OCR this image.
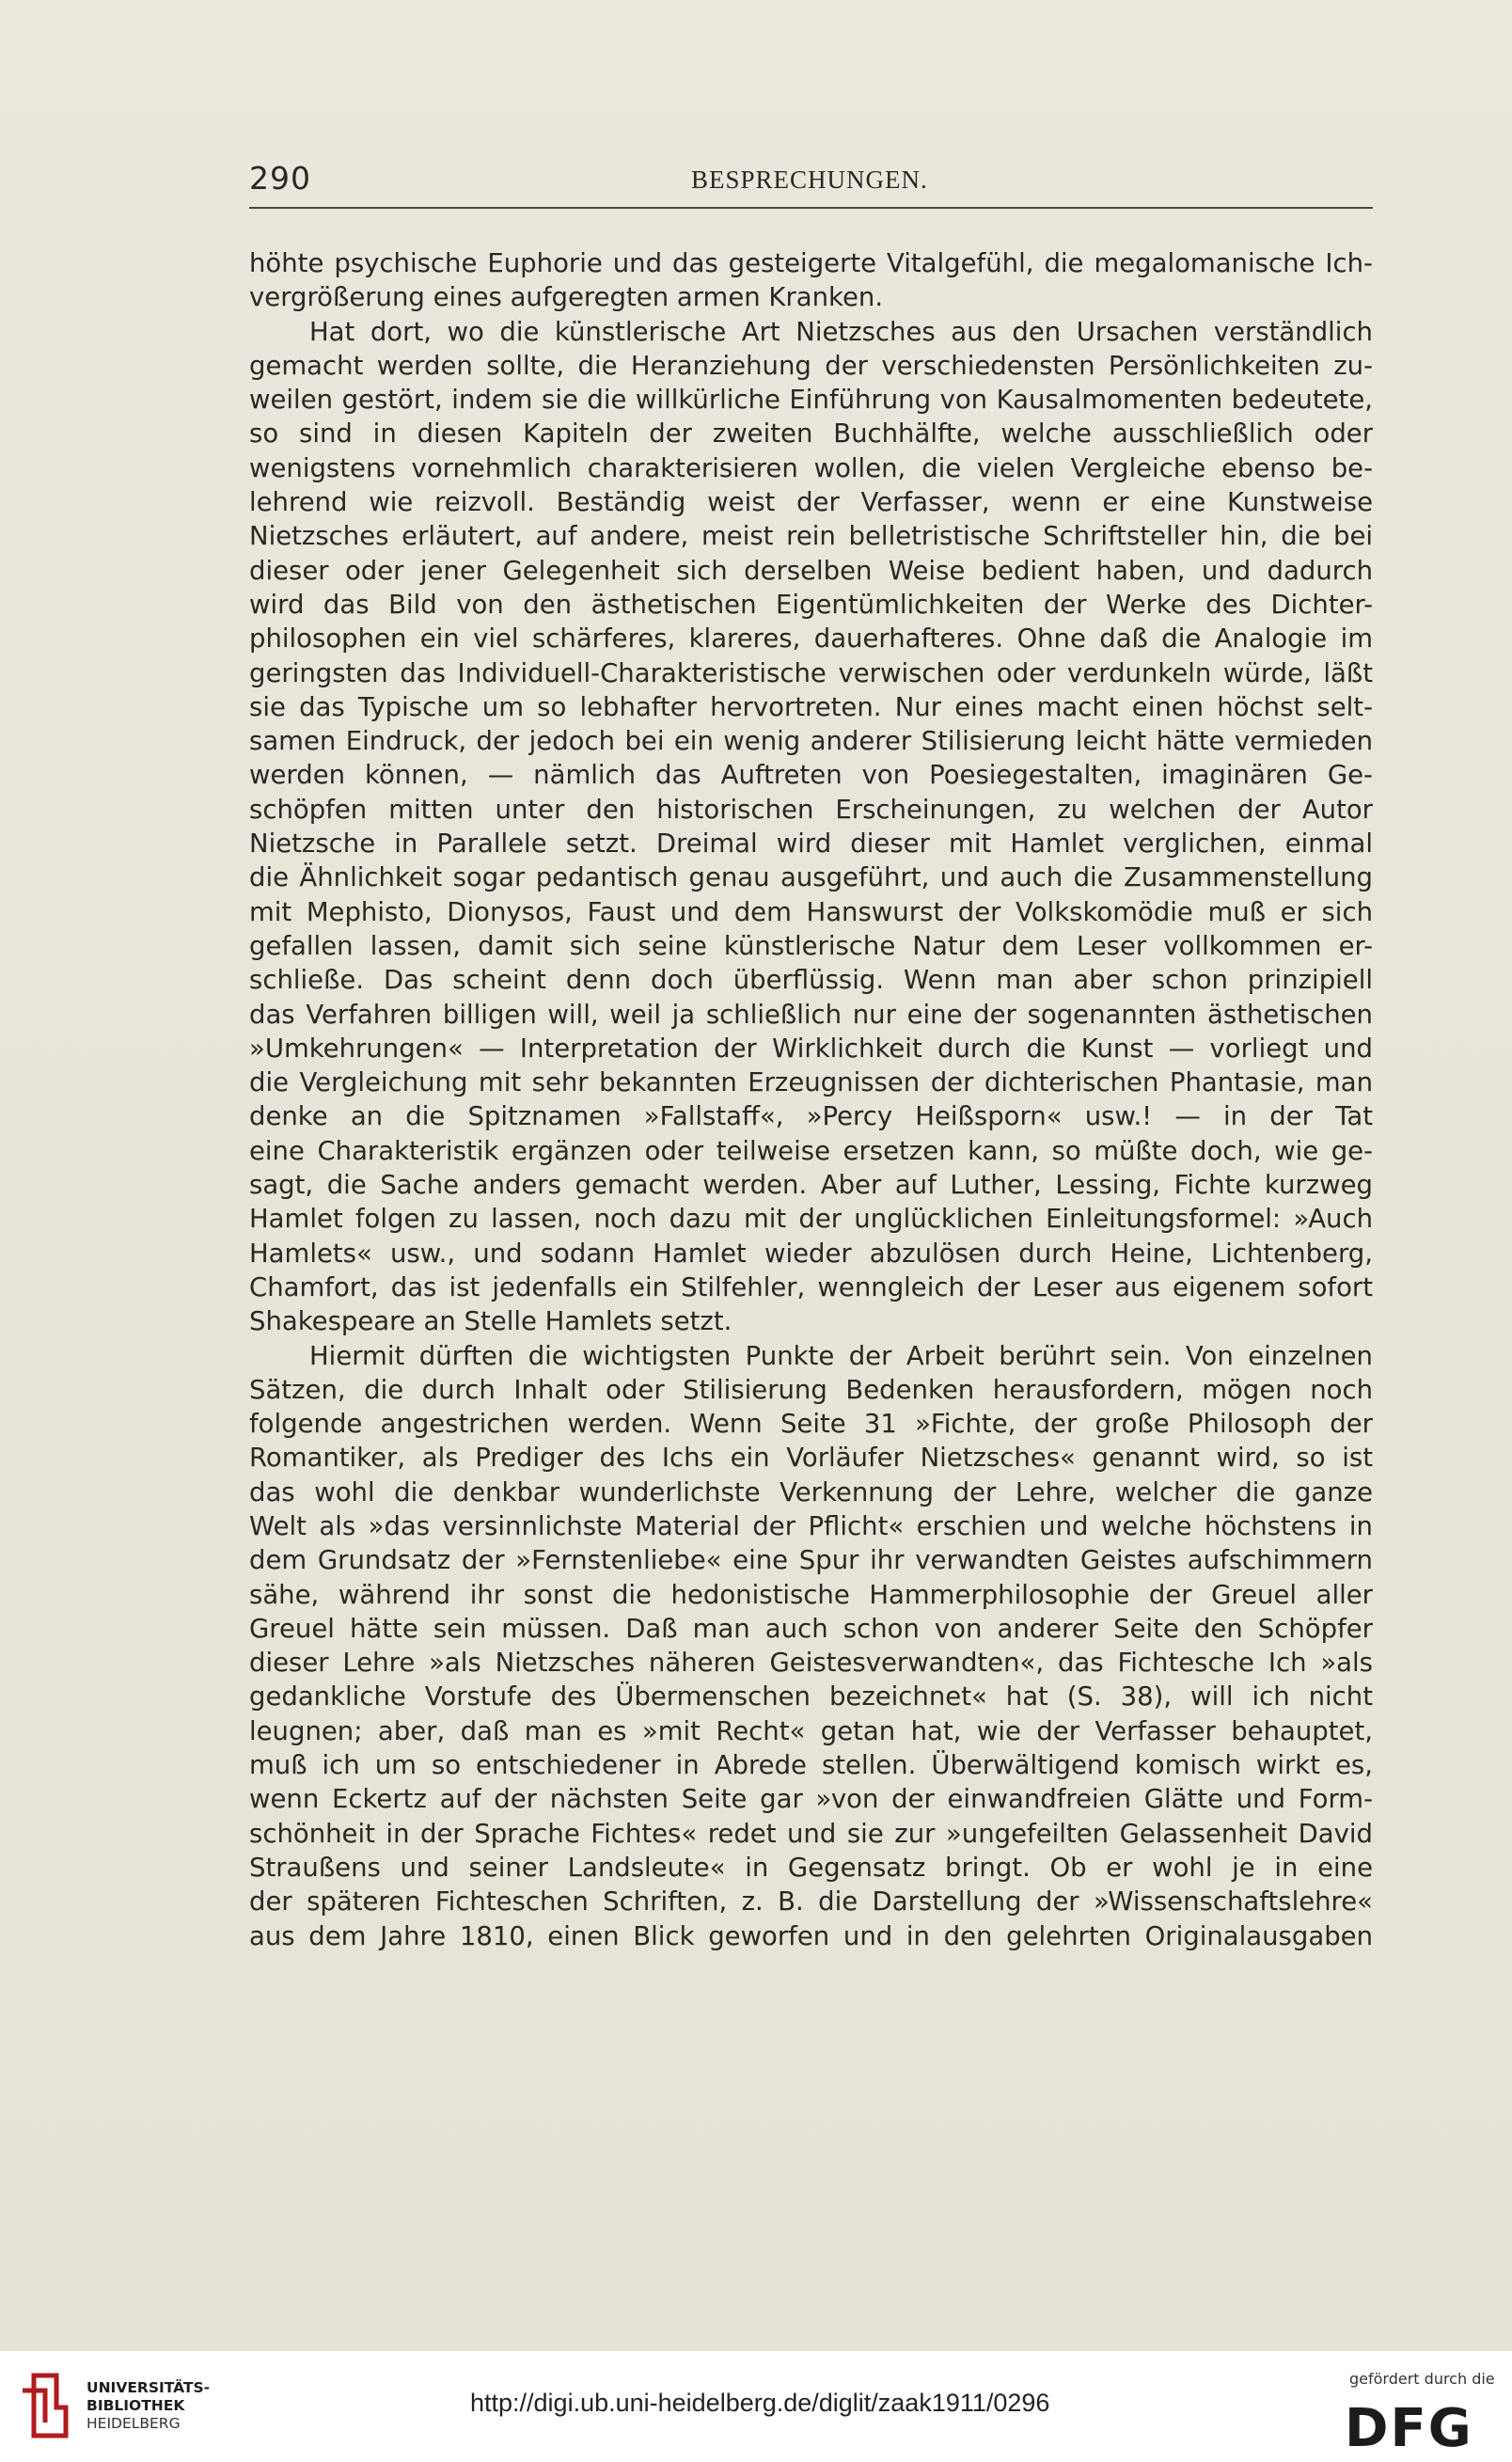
290	BESPRECHUNGEN.
höhte psychische Euphorie und das gesteigerte Vitalgefühl, die megalomanische Ich-
vergrößerung eines aufgeregten armen Kranken.
Hat dort, wo die künstlerische Art Nietzsches aus den Ursachen verständlich
gemacht werden sollte, die Heranziehung der verschiedensten Persönlichkeiten zu-
weilen gestört, indem sie die willkürliche Einführung von Kausalmomenten bedeutete,
so sind in diesen Kapiteln der zweiten Buchhälfte, welche ausschließlich oder
wenigstens vornehmlich charakterisieren wollen, die vielen Vergleiche ebenso be-
lehrend wie reizvoll. Beständig weist der Verfasser, wenn er eine Kunstweise
Nietzsches erläutert, auf andere, meist rein belletristische Schriftsteller hin, die bei
dieser oder jener Gelegenheit sich derselben Weise bedient haben, und dadurch
wird das Bild von den ästhetischen Eigentümlichkeiten der Werke des Dichter-
philosophen ein viel schärferes, klareres, dauerhafteres. Ohne daß die Analogie im
geringsten das Individuell-Charakteristische verwischen oder verdunkeln würde, läßt
sie das Typische um so lebhafter hervortreten. Nur eines macht einen höchst selt-
samen Eindruck, der jedoch bei ein wenig anderer Stilisierung leicht hätte vermieden
werden können, — nämlich das Auftreten von Poesiegestalten, imaginären Ge-
schöpfen mitten unter den historischen Erscheinungen, zu welchen der Autor
Nietzsche in Parallele setzt. Dreimal wird dieser mit Hamlet verglichen, einmal
die Ähnlichkeit sogar pedantisch genau ausgeführt, und auch die Zusammenstellung
mit Mephisto, Dionysos, Faust und dem Hanswurst der Volkskomödie muß er sich
gefallen lassen, damit sich seine künstlerische Natur dem Leser vollkommen er-
schließe. Das scheint denn doch überflüssig. Wenn man aber schon prinzipiell
das Verfahren billigen will, weil ja schließlich nur eine der sogenannten ästhetischen
»Umkehrungen« — Interpretation der Wirklichkeit durch die Kunst — vorliegt und
die Vergleichung mit sehr bekannten Erzeugnissen der dichterischen Phantasie, man
denke an die Spitznamen »Fallstaff«, »Percy Heißsporn« usw.! — in der Tat
eine Charakteristik ergänzen oder teilweise ersetzen kann, so müßte doch, wie ge-
sagt, die Sache anders gemacht werden. Aber auf Luther, Lessing, Fichte kurzweg
Hamlet folgen zu lassen, noch dazu mit der unglücklichen Einleitungsformel: »Auch
Hamlets« usw., und sodann Hamlet wieder abzulösen durch Heine, Lichtenberg,
Chamfort, das ist jedenfalls ein Stilfehler, wenngleich der Leser aus eigenem sofort
Shakespeare an Stelle Hamlets setzt.
Hiermit dürften die wichtigsten Punkte der Arbeit berührt sein. Von einzelnen
Sätzen, die durch Inhalt oder Stilisierung Bedenken herausfordern, mögen noch
folgende angestrichen werden. Wenn Seite 31 »Fichte, der große Philosoph der
Romantiker, als Prediger des Ichs ein Vorläufer Nietzsches« genannt wird, so ist
das wohl die denkbar wunderlichste Verkennung der Lehre, welcher die ganze
Welt als »das versinnlichste Material der Pflicht« erschien und welche höchstens in
dem Grundsatz der »Fernstenliebe« eine Spur ihr verwandten Geistes aufschimmern
sähe, während ihr sonst die hedonistische Hammerphilosophie der Greuel aller
Greuel hätte sein müssen. Daß man auch schon von anderer Seite den Schöpfer
dieser Lehre »als Nietzsches näheren Geistesverwandten«, das Fichtesche Ich »als
gedankliche Vorstufe des Übermenschen bezeichnet« hat (S. 38), will ich nicht
leugnen; aber, daß man es »mit Recht« getan hat, wie der Verfasser behauptet,
muß ich um so entschiedener in Abrede stellen. Überwältigend komisch wirkt es,
wenn Eckertz auf der nächsten Seite gar »von der einwandfreien Glätte und Form-
schönheit in der Sprache Fichtes« redet und sie zur »ungefeilten Gelassenheit David
Straußens und seiner Landsleute« in Gegensatz bringt. Ob er wohl je in eine
der späteren Fichteschen Schriften, z. B. die Darstellung der »Wissenschaftslehre«
aus dem Jahre 1810, einen Blick geworfen und in den gelehrten Originalausgaben
UNIVERSITÄTS-
BIBLIOTHEK
HEIDELBERG
http://digi.ub.uni-heidelberg.de/diglit/zaak1911/0296
gefördert durch die
DFG
